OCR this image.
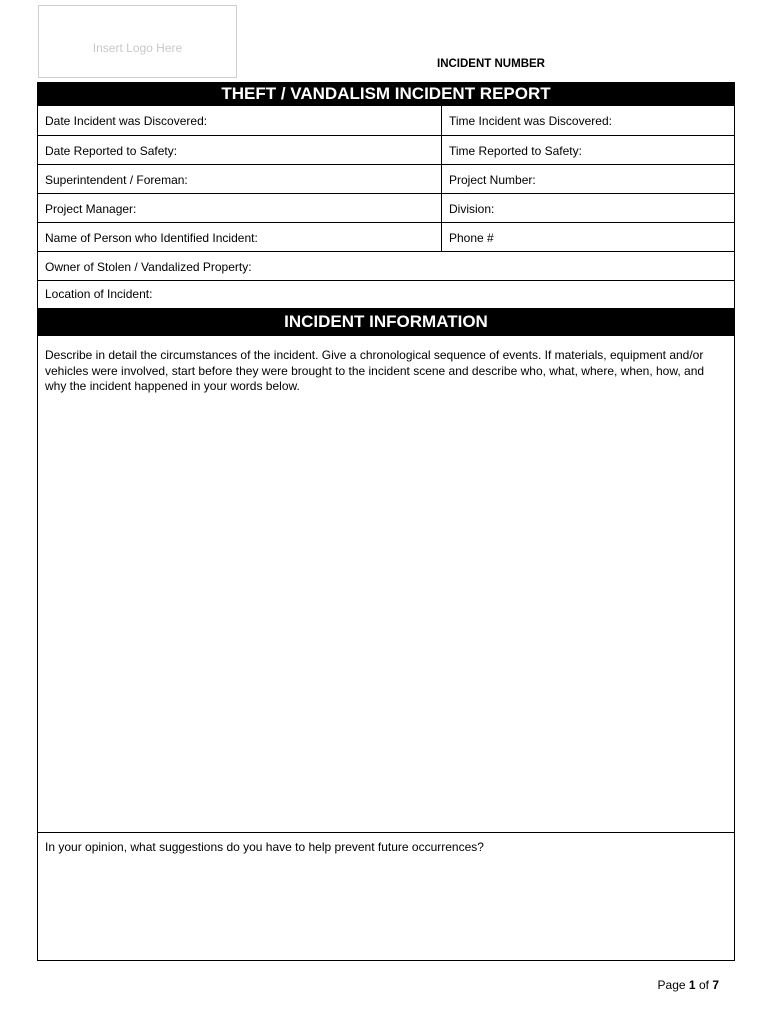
Insert Logo Here
INCIDENT NUMBER
THEFT / VANDALISM INCIDENT REPORT
Date Incident was Discovered:	Time Incident was Discovered:
Date Reported to Safety:	Time Reported to Safety:
Superintendent / Foreman:	Project Number:
Project Manager:	Division:
Name of Person who Identified Incident:	Phone #
Owner of Stolen / Vandalized Property:
Location of Incident:
INCIDENT INFORMATION
Describe in detail the circumstances of the incident. Give a chronological sequence of events. If materials, equipment and/or vehicles were involved, start before they were brought to the incident scene and describe who, what, where, when, how, and why the incident happened in your words below.
In your opinion, what suggestions do you have to help prevent future occurrences?
Page 1 of 7
